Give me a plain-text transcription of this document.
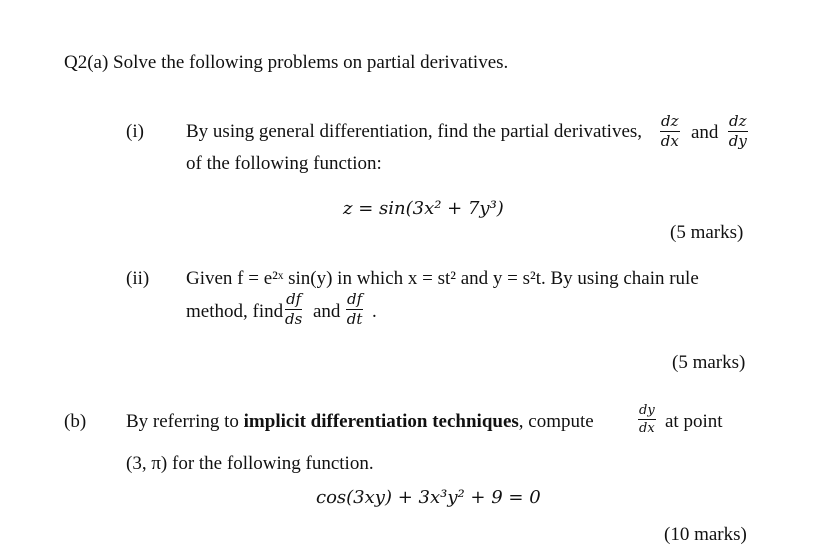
Q2(a) Solve the following problems on partial derivatives.
(i) By using general differentiation, find the partial derivatives, $\frac{dz}{dx}$ and $\frac{dz}{dy}$
of the following function:
z = sin(3x² + 7y³)
(5 marks)
(ii) Given f = e²ˣ sin(y) in which x = st² and y = s²t. By using chain rule
method, find $\frac{df}{ds}$ and $\frac{df}{dt}$ .
(5 marks)
(b) By referring to implicit differentiation techniques, compute	$\frac{dy}{dx}$ at point
(3, π) for the following function.
cos(3xy) + 3x³y² + 9 = 0
(10 marks)
